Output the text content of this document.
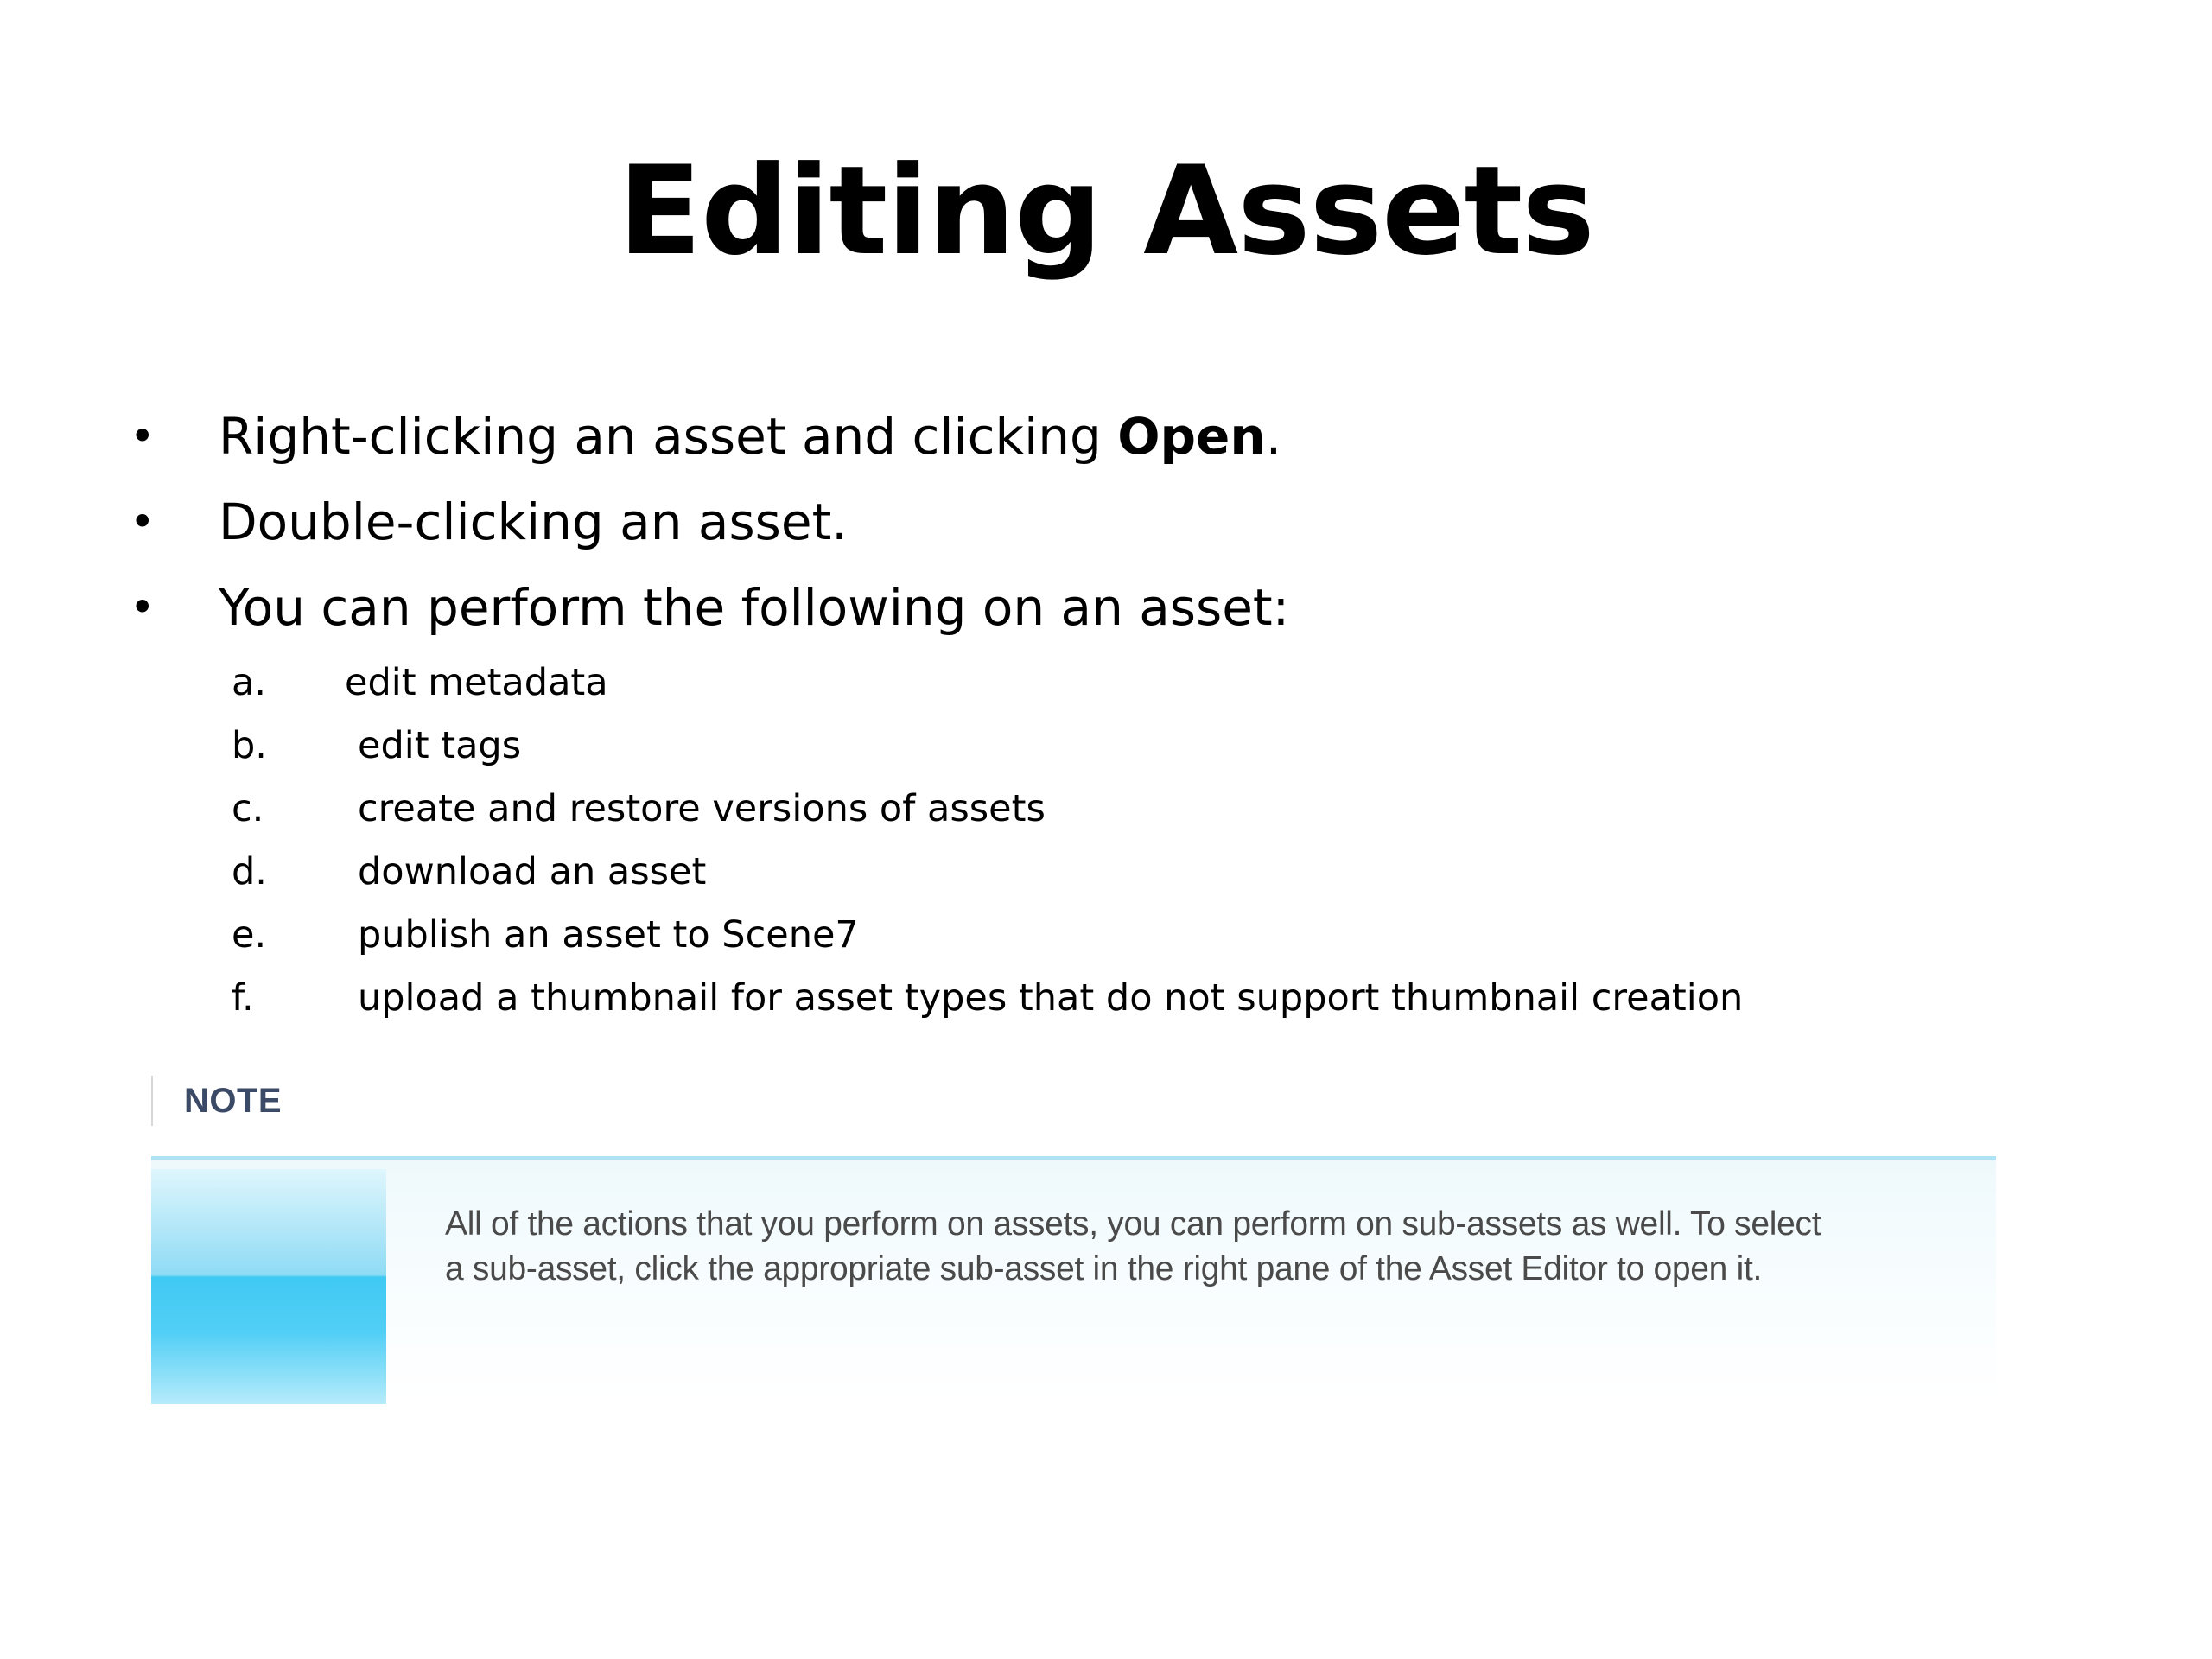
Editing Assets
• Right-clicking an asset and clicking Open.
• Double-clicking an asset.
• You can perform the following on an asset:
a. edit metadata
b. edit tags
c.	create and restore versions of assets
d. download an asset
e. publish an asset to Scene7
f.	upload a thumbnail for asset types that do not support thumbnail creation
NOTE
All of the actions that you perform on assets, you can perform on sub-assets as well. To select
a sub-asset, click the appropriate sub-asset in the right pane of the Asset Editor to open it.
